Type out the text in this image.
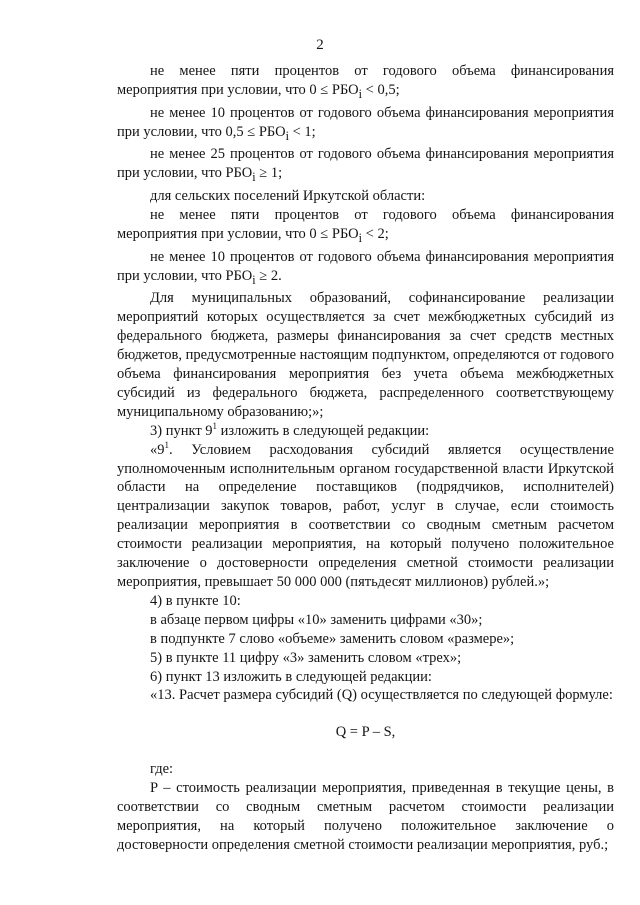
2

не менее пяти процентов от годового объема финансирования мероприятия при условии, что $0 \le РБО_i < 0,5$;

не менее 10 процентов от годового объема финансирования мероприятия при условии, что $0,5 \le РБО_i < 1$;

не менее 25 процентов от годового объема финансирования мероприятия при условии, что $РБО_i \ge 1$;

для сельских поселений Иркутской области:

не менее пяти процентов от годового объема финансирования мероприятия при условии, что $0 \le РБО_i < 2$;

не менее 10 процентов от годового объема финансирования мероприятия при условии, что $РБО_i \ge 2$.

Для муниципальных образований, софинансирование реализации мероприятий которых осуществляется за счет межбюджетных субсидий из федерального бюджета, размеры финансирования за счет средств местных бюджетов, предусмотренные настоящим подпунктом, определяются от годового объема финансирования мероприятия без учета объема межбюджетных субсидий из федерального бюджета, распределенного соответствующему муниципальному образованию;»;

3) пункт $9^1$ изложить в следующей редакции:

«$9^1$. Условием расходования субсидий является осуществление уполномоченным исполнительным органом государственной власти Иркутской области на определение поставщиков (подрядчиков, исполнителей) централизации закупок товаров, работ, услуг в случае, если стоимость реализации мероприятия в соответствии со сводным сметным расчетом стоимости реализации мероприятия, на который получено положительное заключение о достоверности определения сметной стоимости реализации мероприятия, превышает 50 000 000 (пятьдесят миллионов) рублей.»;

4) в пункте 10:

в абзаце первом цифры «10» заменить цифрами «30»;

в подпункте 7 слово «объеме» заменить словом «размере»;

5) в пункте 11 цифру «3» заменить словом «трех»;

6) пункт 13 изложить в следующей редакции:

«13. Расчет размера субсидий (Q) осуществляется по следующей формуле:

Q = P – S,

где:

P – стоимость реализации мероприятия, приведенная в текущие цены, в соответствии со сводным сметным расчетом стоимости реализации мероприятия, на который получено положительное заключение о достоверности определения сметной стоимости реализации мероприятия, руб.;
